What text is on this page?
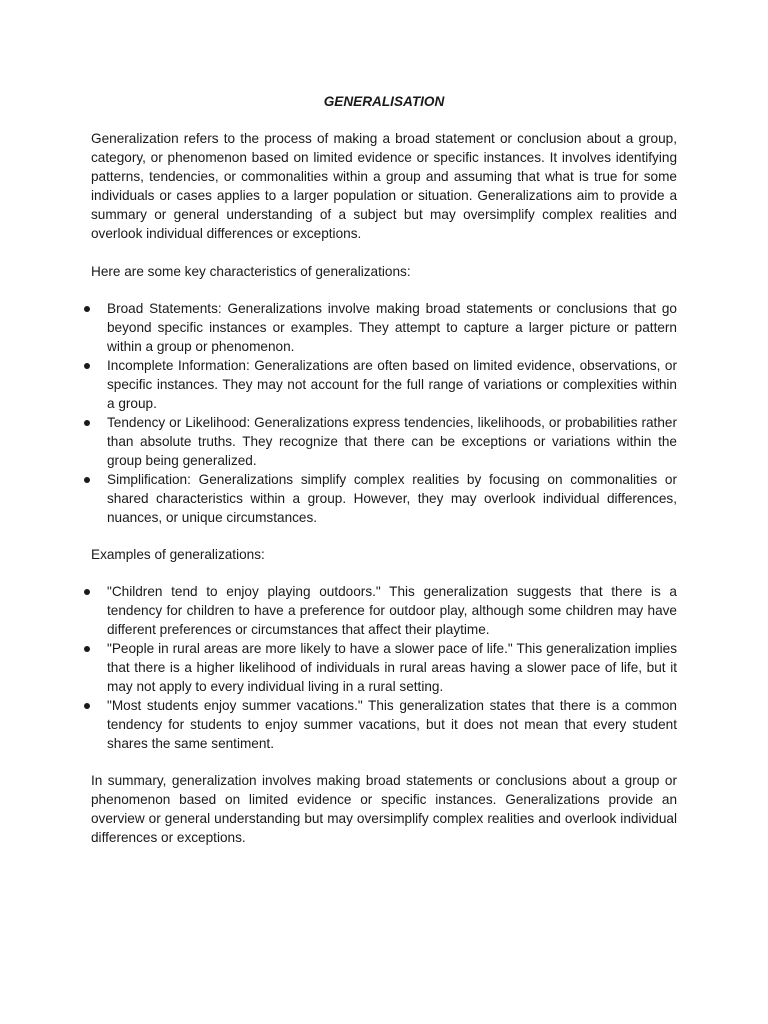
GENERALISATION

Generalization refers to the process of making a broad statement or conclusion about a group, category, or phenomenon based on limited evidence or specific instances. It involves identifying patterns, tendencies, or commonalities within a group and assuming that what is true for some individuals or cases applies to a larger population or situation. Generalizations aim to provide a summary or general understanding of a subject but may oversimplify complex realities and overlook individual differences or exceptions.

Here are some key characteristics of generalizations:

Broad Statements: Generalizations involve making broad statements or conclusions that go beyond specific instances or examples. They attempt to capture a larger picture or pattern within a group or phenomenon.
Incomplete Information: Generalizations are often based on limited evidence, observations, or specific instances. They may not account for the full range of variations or complexities within a group.
Tendency or Likelihood: Generalizations express tendencies, likelihoods, or probabilities rather than absolute truths. They recognize that there can be exceptions or variations within the group being generalized.
Simplification: Generalizations simplify complex realities by focusing on commonalities or shared characteristics within a group. However, they may overlook individual differences, nuances, or unique circumstances.

Examples of generalizations:

"Children tend to enjoy playing outdoors." This generalization suggests that there is a tendency for children to have a preference for outdoor play, although some children may have different preferences or circumstances that affect their playtime.
"People in rural areas are more likely to have a slower pace of life." This generalization implies that there is a higher likelihood of individuals in rural areas having a slower pace of life, but it may not apply to every individual living in a rural setting.
"Most students enjoy summer vacations." This generalization states that there is a common tendency for students to enjoy summer vacations, but it does not mean that every student shares the same sentiment.

In summary, generalization involves making broad statements or conclusions about a group or phenomenon based on limited evidence or specific instances. Generalizations provide an overview or general understanding but may oversimplify complex realities and overlook individual differences or exceptions.
